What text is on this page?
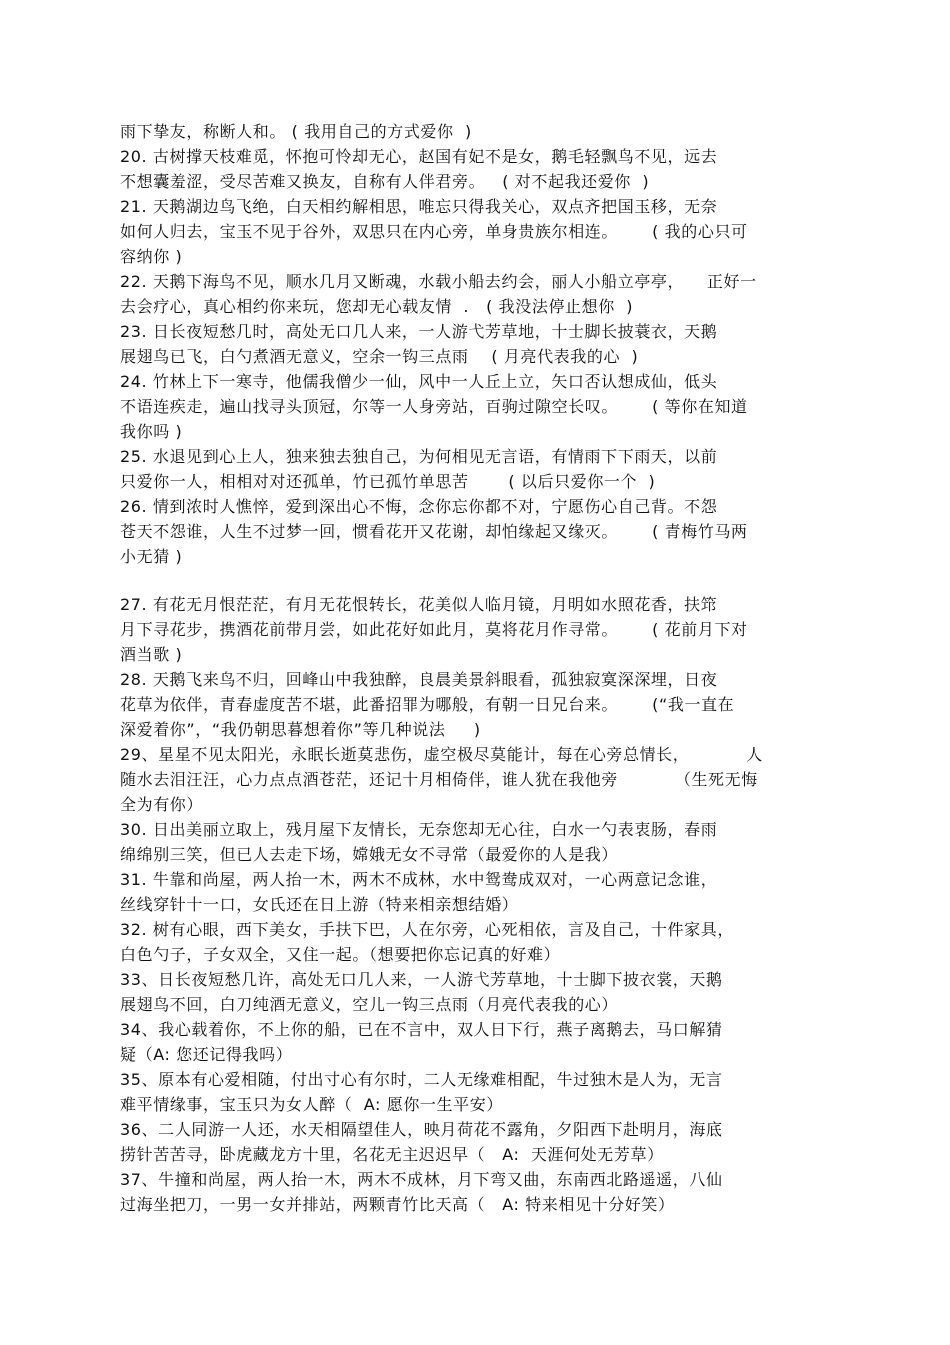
雨下挚友，称断人和。 ( 我用自己的方式爱你  )

20. 古树撑天枝难觅，怀抱可怜却无心，赵国有妃不是女，鹅毛轻飘鸟不见，远去

不想囊羞涩，受尽苦难又换友，自称有人伴君旁。   ( 对不起我还爱你  )

21. 天鹅湖边鸟飞绝，白天相约解相思，唯忘只得我关心，双点齐把国玉移，无奈

如何人归去，宝玉不见于谷外，双思只在内心旁，单身贵族尔相连。      ( 我的心只可

容纳你 )

22. 天鹅下海鸟不见，顺水几月又断魂，水载小船去约会，丽人小船立亭亭，    正好一

去会疗心，真心相约你来玩，您却无心载友情  .   ( 我没法停止想你  )

23. 日长夜短愁几时，高处无口几人来，一人游弋芳草地，十士脚长披蓑衣，天鹅

展翅鸟已飞，白勺煮酒无意义，空余一钩三点雨    ( 月亮代表我的心  )

24. 竹林上下一寒寺，他儒我僧少一仙，风中一人丘上立，矢口否认想成仙，低头

不语连疾走，遍山找寻头顶冠，尔等一人身旁站，百驹过隙空长叹。      ( 等你在知道

我你吗 )

25. 水退见到心上人，独来独去独自己，为何相见无言语，有情雨下下雨天，以前

只爱你一人，相相对对还孤单，竹已孤竹单思苦       ( 以后只爱你一个  )

26. 情到浓时人憔悴，爱到深出心不悔，念你忘你都不对，宁愿伤心自己背。不怨

苍天不怨谁，人生不过梦一回，惯看花开又花谢，却怕缘起又缘灭。      ( 青梅竹马两

小无猜 )

27. 有花无月恨茫茫，有月无花恨转长，花美似人临月镜，月明如水照花香，扶筇

月下寻花步，携酒花前带月尝，如此花好如此月，莫将花月作寻常。      ( 花前月下对

酒当歌 )

28. 天鹅飞来鸟不归，回峰山中我独醉，良晨美景斜眼看，孤独寂寞深深埋，日夜

花草为依伴，青春虚度苦不堪，此番招罪为哪般，有朝一日兄台来。      (“我一直在

深爱着你”，“我仍朝思暮想着你”等几种说法     )

29、星星不见太阳光，永眠长逝莫悲伤，虚空极尽莫能计，每在心旁总情长，          人

随水去泪汪汪，心力点点酒苍茫，还记十月相倚伴，谁人犹在我他旁          （生死无悔

全为有你）

30. 日出美丽立取上，残月屋下友情长，无奈您却无心往，白水一勺表衷肠，春雨

绵绵别三笑，但已人去走下场，嫦娥无女不寻常（最爱你的人是我）

31. 牛靠和尚屋，两人抬一木，两木不成林，水中鸳鸯成双对，一心两意记念谁，

丝线穿针十一口，女氏还在日上游（特来相亲想结婚）

32. 树有心眼，西下美女，手扶下巴，人在尔旁，心死相依，言及自己，十件家具，

白色勺子，子女双全，又住一起。（想要把你忘记真的好难）

33、日长夜短愁几许，高处无口几人来，一人游弋芳草地，十士脚下披衣裳，天鹅

展翅鸟不回，白刀纯酒无意义，空儿一钩三点雨（月亮代表我的心）

34、我心载着你，不上你的船，已在不言中，双人日下行，燕子离鹅去，马口解猜

疑（A: 您还记得我吗）

35、原本有心爱相随，付出寸心有尔时，二人无缘难相配，牛过独木是人为，无言

难平情缘事，宝玉只为女人醉（  A: 愿你一生平安）

36、二人同游一人还，水天相隔望佳人，映月荷花不露角，夕阳西下赴明月，海底

捞针苦苦寻，卧虎藏龙方十里，名花无主迟迟早（   A:  天涯何处无芳草）

37、牛撞和尚屋，两人抬一木，两木不成林，月下弯又曲，东南西北路遥遥，八仙

过海坐把刀，一男一女并排站，两颗青竹比天高（   A: 特来相见十分好笑）
